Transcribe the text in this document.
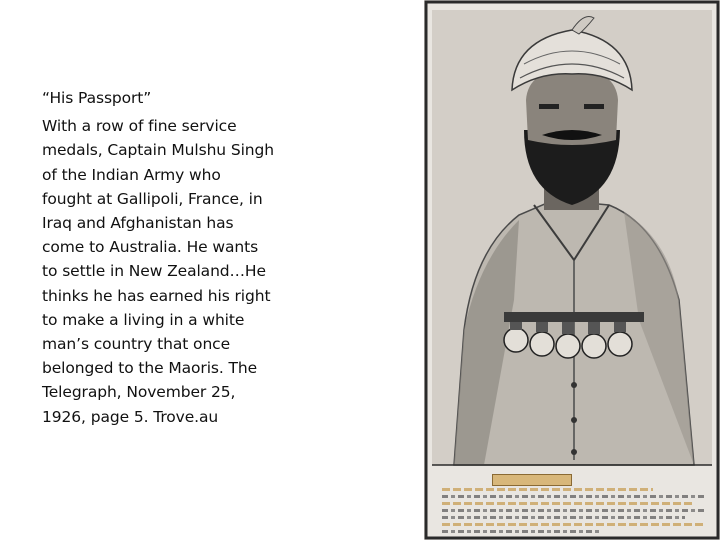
“His Passport”

With a row of fine service medals, Captain Mulshu Singh of the Indian Army who fought at Gallipoli, France, in Iraq and Afghanistan has come to Australia. He wants to settle in New Zealand…He thinks he has earned his right to make a living in a white man’s country that once belonged to the Maoris. The Telegraph, November 25, 1926, page 5. Trove.au
